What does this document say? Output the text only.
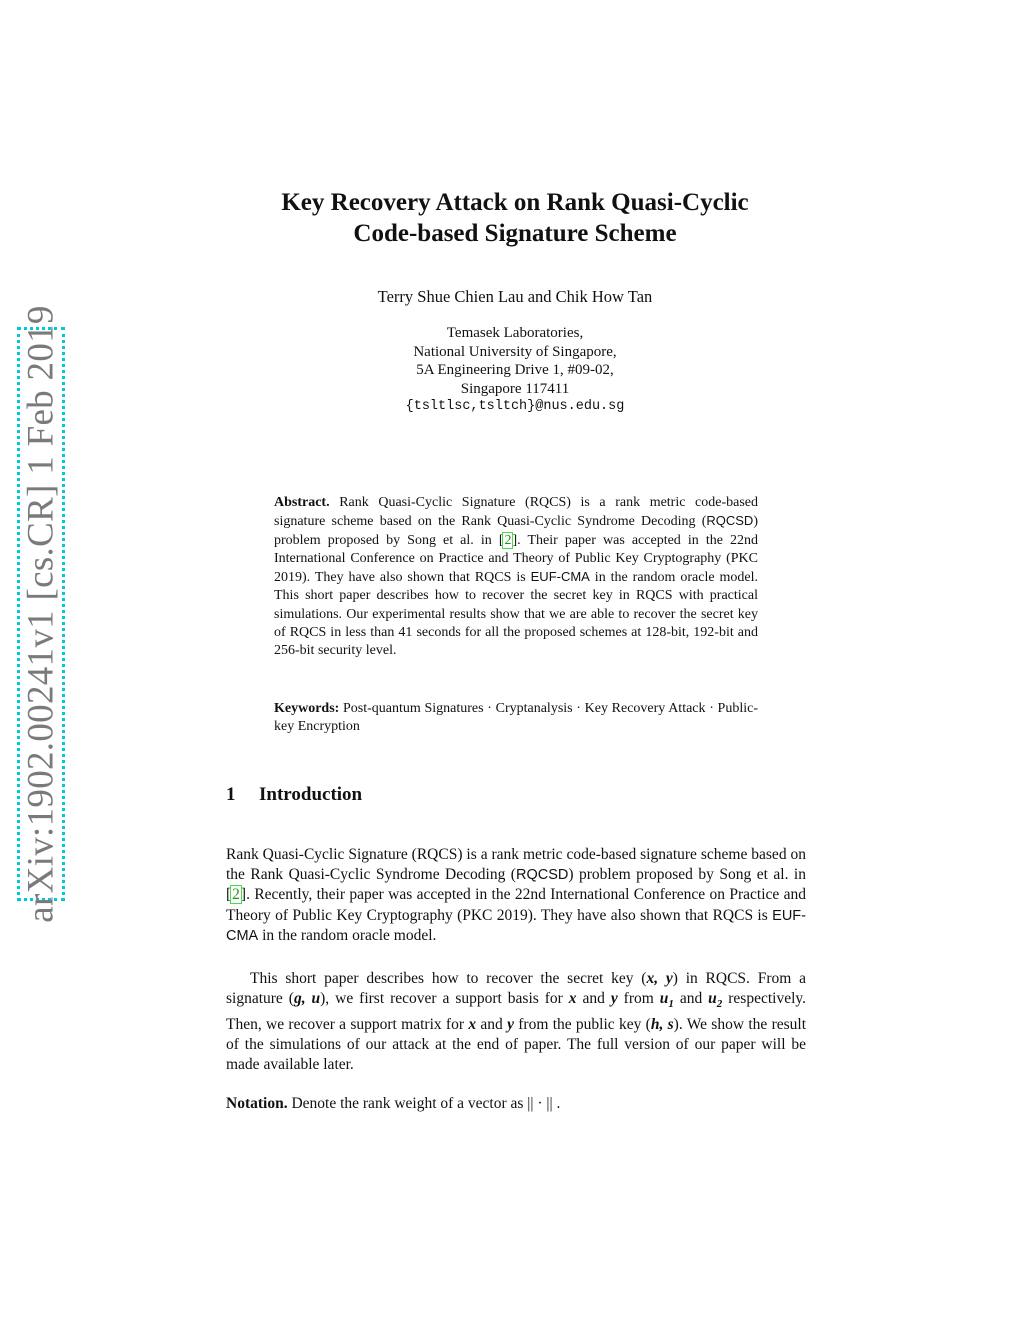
arXiv:1902.00241v1 [cs.CR] 1 Feb 2019
Key Recovery Attack on Rank Quasi-Cyclic
Code-based Signature Scheme
Terry Shue Chien Lau and Chik How Tan
Temasek Laboratories,
National University of Singapore,
5A Engineering Drive 1, #09-02,
Singapore 117411
{tsltlsc,tsltch}@nus.edu.sg
Abstract. Rank Quasi-Cyclic Signature (RQCS) is a rank metric code-based signature scheme based on the Rank Quasi-Cyclic Syndrome Decoding (RQCSD) problem proposed by Song et al. in [2]. Their paper was accepted in the 22nd International Conference on Practice and Theory of Public Key Cryptography (PKC 2019). They have also shown that RQCS is EUF-CMA in the random oracle model. This short paper describes how to recover the secret key in RQCS with practical simulations. Our experimental results show that we are able to recover the secret key of RQCS in less than 41 seconds for all the proposed schemes at 128-bit, 192-bit and 256-bit security level.
Keywords: Post-quantum Signatures · Cryptanalysis · Key Recovery Attack · Public-key Encryption
1 Introduction
Rank Quasi-Cyclic Signature (RQCS) is a rank metric code-based signature scheme based on the Rank Quasi-Cyclic Syndrome Decoding (RQCSD) problem proposed by Song et al. in [2]. Recently, their paper was accepted in the 22nd International Conference on Practice and Theory of Public Key Cryptography (PKC 2019). They have also shown that RQCS is EUF-CMA in the random oracle model.
This short paper describes how to recover the secret key (x, y) in RQCS. From a signature (g, u), we first recover a support basis for x and y from $u_1$ and $u_2$ respectively. Then, we recover a support matrix for x and y from the public key (h, s). We show the result of the simulations of our attack at the end of paper. The full version of our paper will be made available later.
Notation. Denote the rank weight of a vector as || · || .
